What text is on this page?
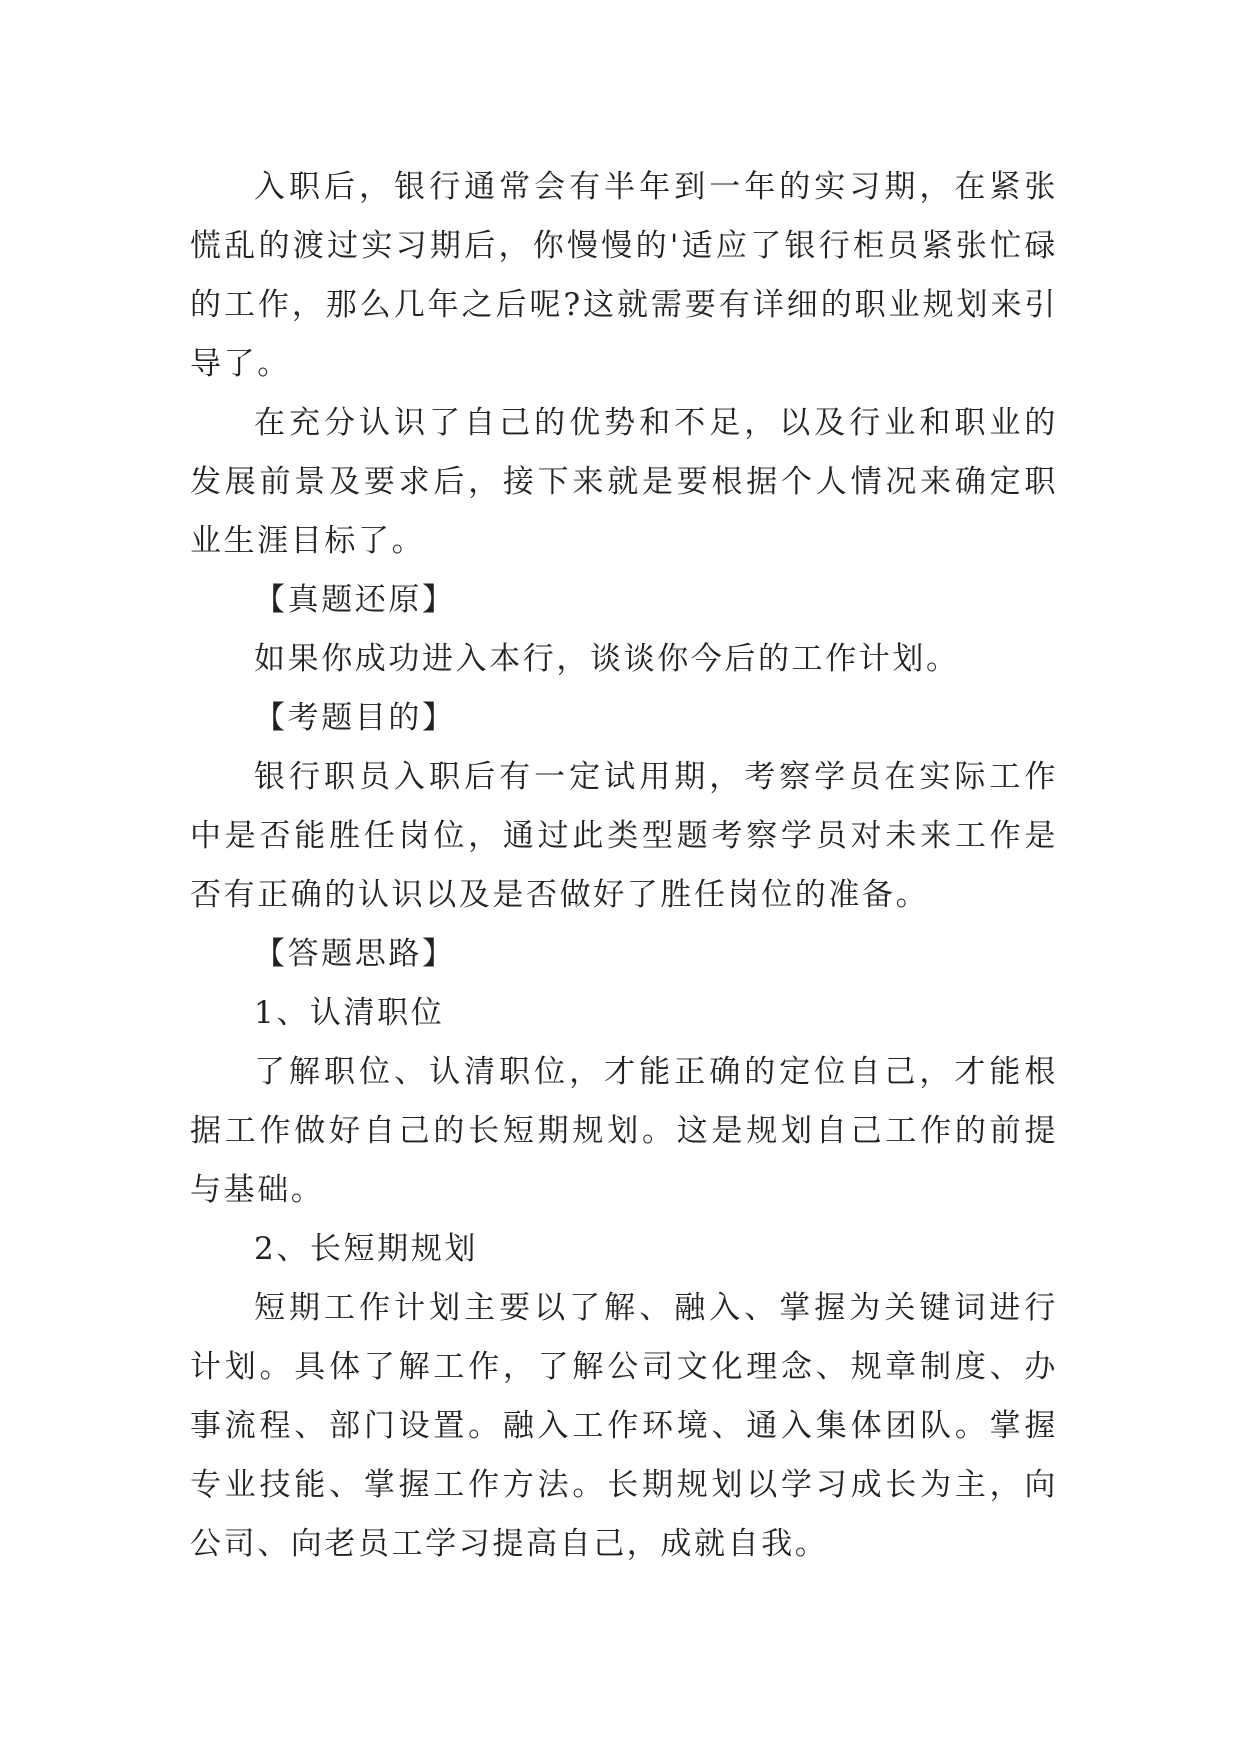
入职后，银行通常会有半年到一年的实习期，在紧张慌乱的渡过实习期后，你慢慢的'适应了银行柜员紧张忙碌的工作，那么几年之后呢?这就需要有详细的职业规划来引导了。

在充分认识了自己的优势和不足，以及行业和职业的发展前景及要求后，接下来就是要根据个人情况来确定职业生涯目标了。

【真题还原】

如果你成功进入本行，谈谈你今后的工作计划。

【考题目的】

银行职员入职后有一定试用期，考察学员在实际工作中是否能胜任岗位，通过此类型题考察学员对未来工作是否有正确的认识以及是否做好了胜任岗位的准备。

【答题思路】

1、认清职位

了解职位、认清职位，才能正确的定位自己，才能根据工作做好自己的长短期规划。这是规划自己工作的前提与基础。

2、长短期规划

短期工作计划主要以了解、融入、掌握为关键词进行计划。具体了解工作，了解公司文化理念、规章制度、办事流程、部门设置。融入工作环境、通入集体团队。掌握专业技能、掌握工作方法。长期规划以学习成长为主，向公司、向老员工学习提高自己，成就自我。
